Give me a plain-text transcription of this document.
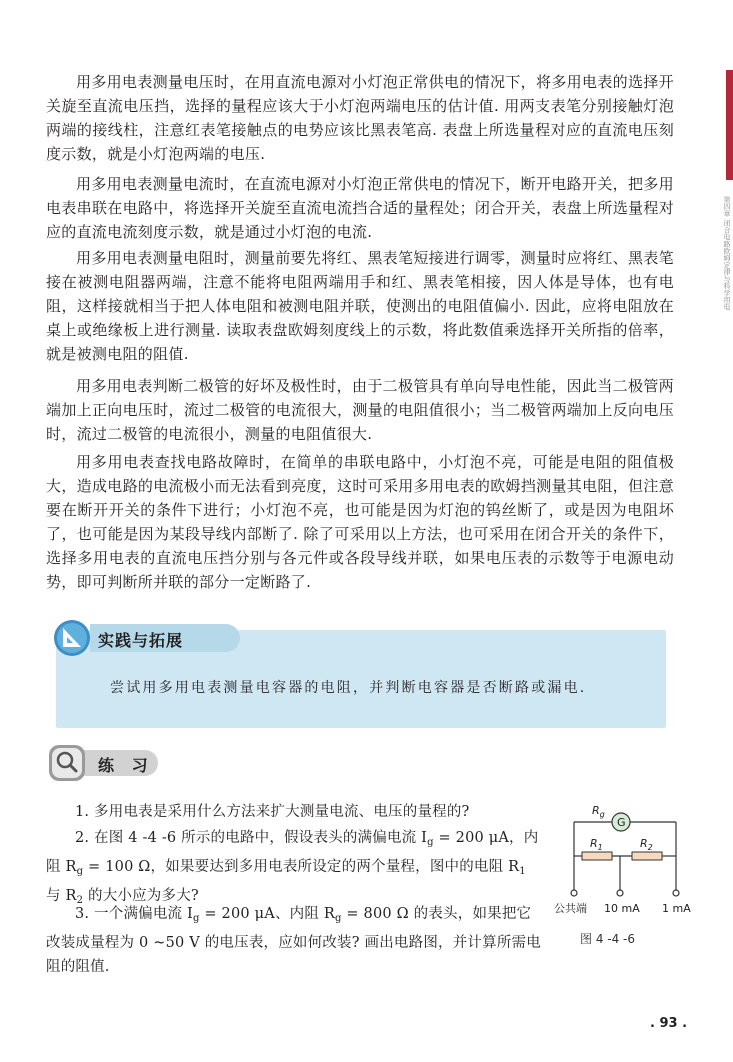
第四章 闭合电路欧姆定律与科学用电

用多用电表测量电压时，在用直流电源对小灯泡正常供电的情况下，将多用电表的选择开关旋至直流电压挡，选择的量程应该大于小灯泡两端电压的估计值. 用两支表笔分别接触灯泡两端的接线柱，注意红表笔接触点的电势应该比黑表笔高. 表盘上所选量程对应的直流电压刻度示数，就是小灯泡两端的电压.

用多用电表测量电流时，在直流电源对小灯泡正常供电的情况下，断开电路开关，把多用电表串联在电路中，将选择开关旋至直流电流挡合适的量程处；闭合开关，表盘上所选量程对应的直流电流刻度示数，就是通过小灯泡的电流.

用多用电表测量电阻时，测量前要先将红、黑表笔短接进行调零，测量时应将红、黑表笔接在被测电阻器两端，注意不能将电阻两端用手和红、黑表笔相接，因人体是导体，也有电阻，这样接就相当于把人体电阻和被测电阻并联，使测出的电阻值偏小. 因此，应将电阻放在桌上或绝缘板上进行测量. 读取表盘欧姆刻度线上的示数，将此数值乘选择开关所指的倍率，就是被测电阻的阻值.

用多用电表判断二极管的好坏及极性时，由于二极管具有单向导电性能，因此当二极管两端加上正向电压时，流过二极管的电流很大，测量的电阻值很小；当二极管两端加上反向电压时，流过二极管的电流很小，测量的电阻值很大.

用多用电表查找电路故障时，在简单的串联电路中，小灯泡不亮，可能是电阻的阻值极大，造成电路的电流极小而无法看到亮度，这时可采用多用电表的欧姆挡测量其电阻，但注意要在断开开关的条件下进行；小灯泡不亮，也可能是因为灯泡的钨丝断了，或是因为电阻坏了，也可能是因为某段导线内部断了. 除了可采用以上方法，也可采用在闭合开关的条件下，选择多用电表的直流电压挡分别与各元件或各段导线并联，如果电压表的示数等于电源电动势，即可判断所并联的部分一定断路了.

实践与拓展
尝试用多用电表测量电容器的电阻，并判断电容器是否断路或漏电.
练 习

1. 多用电表是采用什么方法来扩大测量电流、电压的量程的?

2. 在图 4 -4 -6 所示的电路中，假设表头的满偏电流 $I_g = 200$ μA，内阻 $R_g = 100$ Ω，如果要达到多用电表所设定的两个量程，图中的电阻 $R_1$ 与 $R_2$ 的大小应为多大?

3. 一个满偏电流 $I_g = 200$ μA、内阻 $R_g = 800$ Ω 的表头，如果把它改装成量程为 0 ~50 V 的电压表，应如何改装? 画出电路图，并计算所需电阻的阻值.

G
$R_g$
$R_1$	$R_2$
公共端 10 mA 1 mA
图 4 -4 -6
. 93 .
